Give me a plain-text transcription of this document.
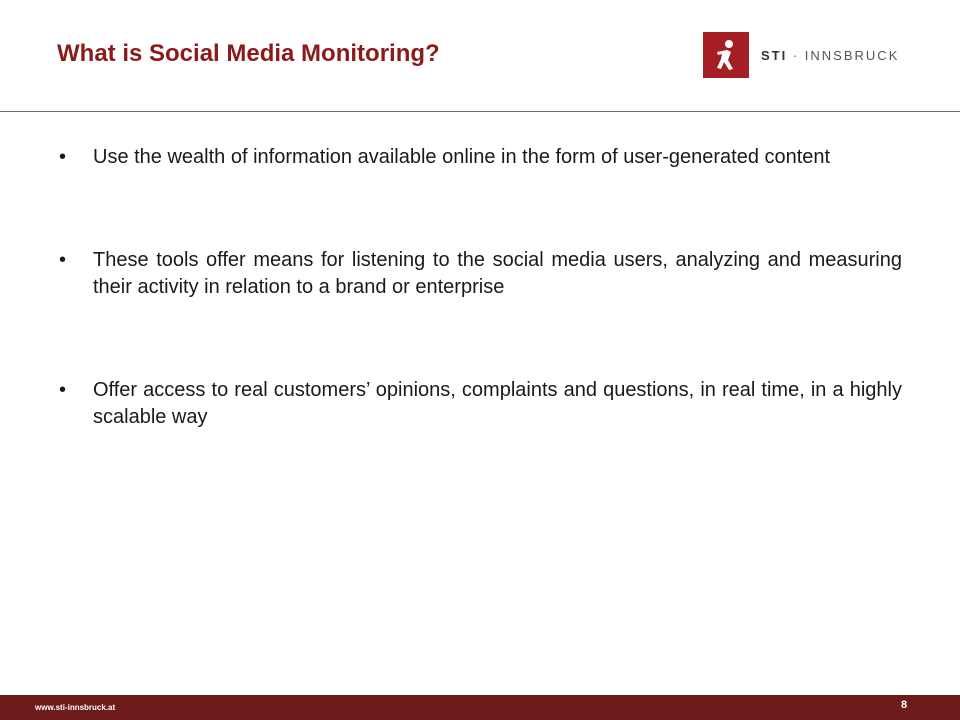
What is Social Media Monitoring?	STI · INNSBRUCK
• Use the wealth of information available online in the form of user-generated content
• These tools offer means for listening to the social media users, analyzing and measuring their activity in relation to a brand or enterprise
• Offer access to real customers’ opinions, complaints and questions, in real time, in a highly scalable way
www.sti-innsbruck.at	8
